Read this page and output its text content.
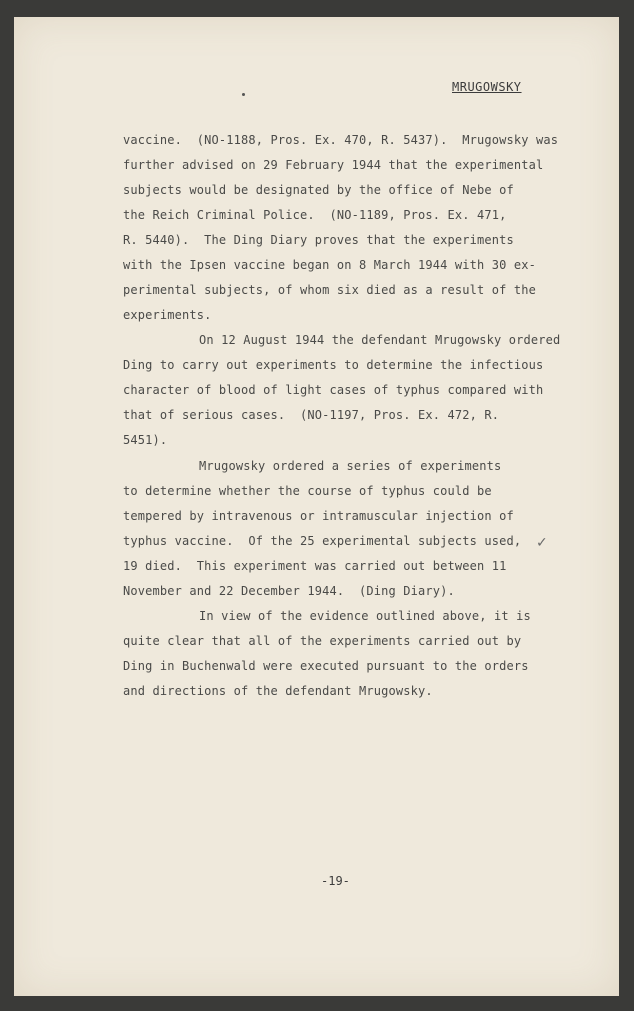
MRUGOWSKY
vaccine.  (NO-1188, Pros. Ex. 470, R. 5437).  Mrugowsky was
further advised on 29 February 1944 that the experimental
subjects would be designated by the office of Nebe of
the Reich Criminal Police.  (NO-1189, Pros. Ex. 471,
R. 5440).  The Ding Diary proves that the experiments
with the Ipsen vaccine began on 8 March 1944 with 30 ex-
perimental subjects, of whom six died as a result of the
experiments.
On 12 August 1944 the defendant Mrugowsky ordered
Ding to carry out experiments to determine the infectious
character of blood of light cases of typhus compared with
that of serious cases.  (NO-1197, Pros. Ex. 472, R.
5451).
Mrugowsky ordered a series of experiments
to determine whether the course of typhus could be
tempered by intravenous or intramuscular injection of
typhus vaccine.  Of the 25 experimental subjects used, ✓
19 died.  This experiment was carried out between 11
November and 22 December 1944.  (Ding Diary).
In view of the evidence outlined above, it is
quite clear that all of the experiments carried out by
Ding in Buchenwald were executed pursuant to the orders
and directions of the defendant Mrugowsky.
-19-
